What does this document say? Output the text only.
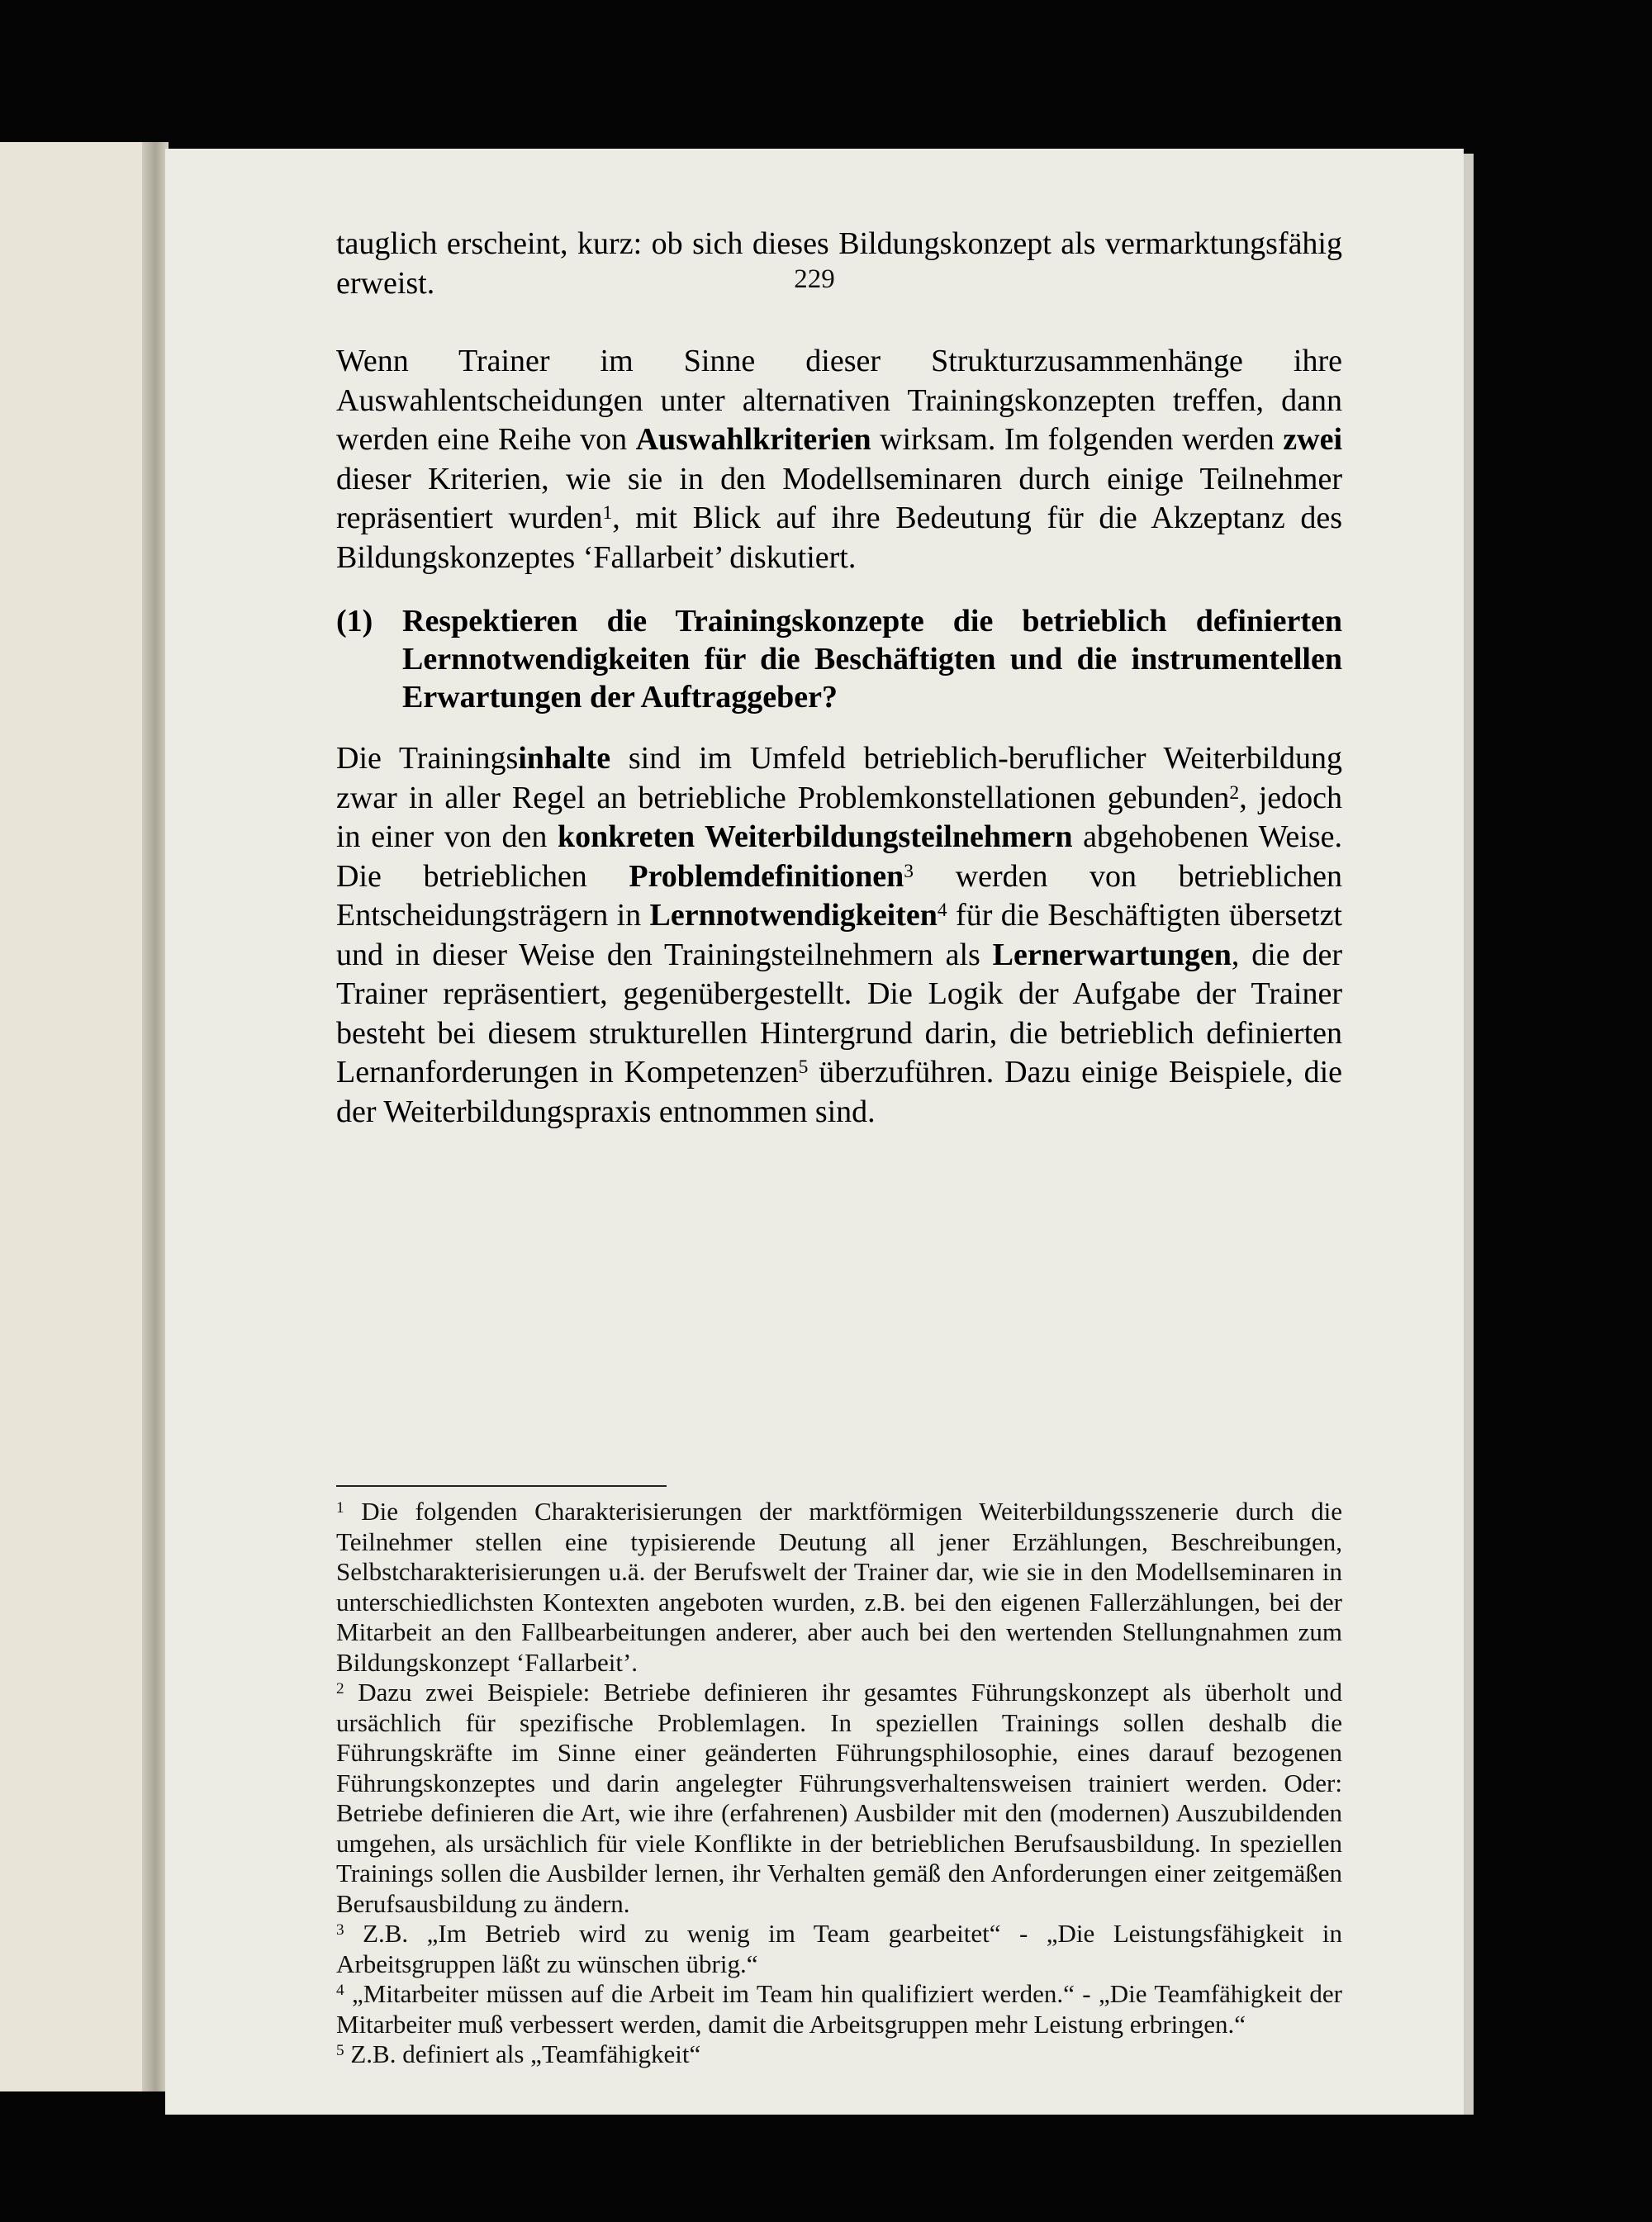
229

$^1$ Die folgenden Charakterisierungen der marktförmigen Weiterbildungsszenerie durch die Teilnehmer stellen eine typisierende Deutung all jener Erzählungen, Beschreibungen, Selbstcharakterisierungen u.ä. der Berufswelt der Trainer dar, wie sie in den Modellseminaren in unterschiedlichsten Kontexten angeboten wurden, z.B. bei den eigenen Fallerzählungen, bei der Mitarbeit an den Fallbearbeitungen anderer, aber auch bei den wertenden Stellungnahmen zum Bildungskonzept ‘Fallarbeit’.

$^2$ Dazu zwei Beispiele: Betriebe definieren ihr gesamtes Führungskonzept als überholt und ursächlich für spezifische Problemlagen. In speziellen Trainings sollen deshalb die Führungskräfte im Sinne einer geänderten Führungsphilosophie, eines darauf bezogenen Führungskonzeptes und darin angelegter Führungsverhaltensweisen trainiert werden. Oder: Betriebe definieren die Art, wie ihre (erfahrenen) Ausbilder mit den (modernen) Auszubildenden umgehen, als ursächlich für viele Konflikte in der betrieblichen Berufsausbildung. In speziellen Trainings sollen die Ausbilder lernen, ihr Verhalten gemäß den Anforderungen einer zeitgemäßen Berufsausbildung zu ändern.

$^3$ Z.B. „Im Betrieb wird zu wenig im Team gearbeitet“ - „Die Leistungsfähigkeit in Arbeitsgruppen läßt zu wünschen übrig.“

$^4$ „Mitarbeiter müssen auf die Arbeit im Team hin qualifiziert werden.“ - „Die Teamfähigkeit der Mitarbeiter muß verbessert werden, damit die Arbeitsgruppen mehr Leistung erbringen.“

$^5$ Z.B. definiert als „Teamfähigkeit“

tauglich erscheint, kurz: ob sich dieses Bildungskonzept als vermarktungsfähig erweist.

Wenn Trainer im Sinne dieser Strukturzusammenhänge ihre Auswahlentscheidungen unter alternativen Trainingskonzepten treffen, dann werden eine Reihe von Auswahlkriterien wirksam. Im folgenden werden zwei dieser Kriterien, wie sie in den Modellseminaren durch einige Teilnehmer repräsentiert wurden$^1$, mit Blick auf ihre Bedeutung für die Akzeptanz des Bildungskonzeptes ‘Fallarbeit’ diskutiert.

(1) Respektieren die Trainingskonzepte die betrieblich definierten Lernnotwendigkeiten für die Beschäftigten und die instrumentellen Erwartungen der Auftraggeber?

Die Trainingsinhalte sind im Umfeld betrieblich-beruflicher Weiterbildung zwar in aller Regel an betriebliche Problemkonstellationen gebunden$^2$, jedoch in einer von den konkreten Weiterbildungsteilnehmern abgehobenen Weise. Die betrieblichen Problemdefinitionen$^3$ werden von betrieblichen Entscheidungsträgern in Lernnotwendigkeiten$^4$ für die Beschäftigten übersetzt und in dieser Weise den Trainingsteilnehmern als Lernerwartungen, die der Trainer repräsentiert, gegenübergestellt. Die Logik der Aufgabe der Trainer besteht bei diesem strukturellen Hintergrund darin, die betrieblich definierten Lernanforderungen in Kompetenzen$^5$ überzuführen. Dazu einige Beispiele, die der Weiterbildungspraxis entnommen sind.
